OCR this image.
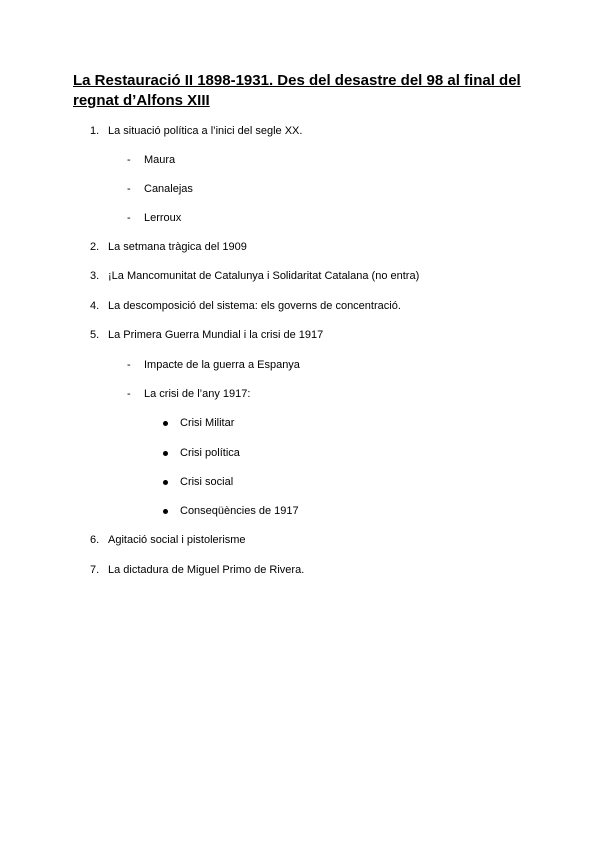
La Restauració II 1898-1931. Des del desastre del 98 al final del regnat d’Alfons XIII
1. La situació política a l’inici del segle XX.
- Maura
- Canalejas
- Lerroux
2. La setmana tràgica del 1909
3. ¡La Mancomunitat de Catalunya i Solidaritat Catalana (no entra)
4. La descomposició del sistema: els governs de concentració.
5. La Primera Guerra Mundial i la crisi de 1917
- Impacte de la guerra a Espanya
- La crisi de l’any 1917:
Crisi Militar
Crisi política
Crisi social
Conseqüències de 1917
6. Agitació social i pistolerisme
7. La dictadura de Miguel Primo de Rivera.
